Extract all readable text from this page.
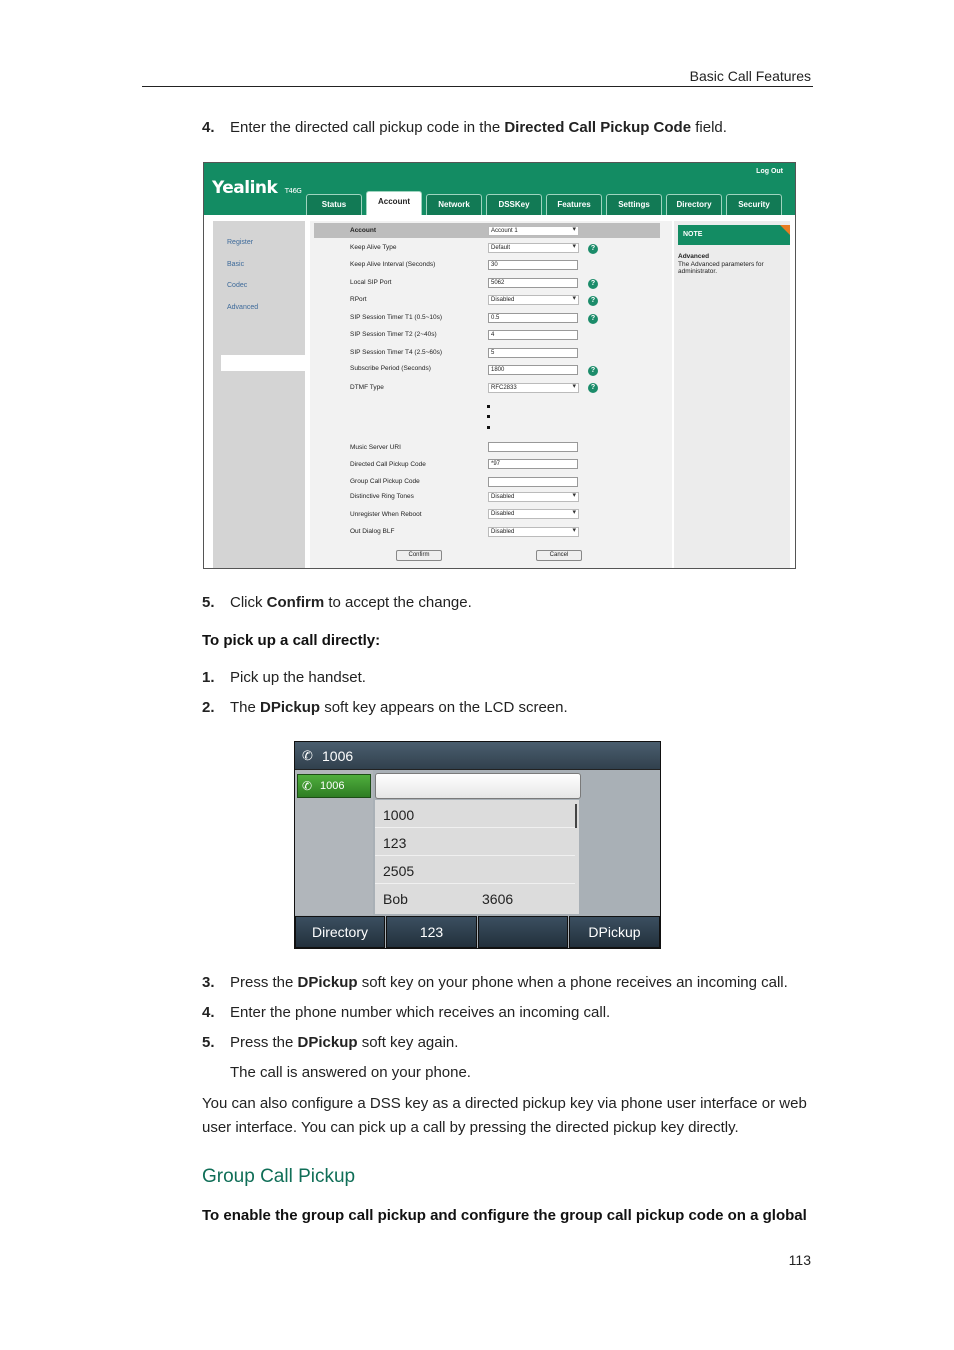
Basic Call Features
4. Enter the directed call pickup code in the Directed Call Pickup Code field.
Yealink T46G
Log Out
Status	Account	Network	DSSKey	Features	Settings	Directory	Security
Register
Basic
Codec
Advanced
Account	Account 1 ▾
Keep Alive Type	Default ▾	?
Keep Alive Interval (Seconds)	30
Local SIP Port	5062	?
RPort	Disabled ▾	?
SIP Session Timer T1 (0.5~10s)	0.5	?
SIP Session Timer T2 (2~40s)	4
SIP Session Timer T4 (2.5~60s)	5
Subscribe Period (Seconds)	1800	?
DTMF Type	RFC2833 ▾	?
Music Server URI
Directed Call Pickup Code	*97
Group Call Pickup Code
Distinctive Ring Tones	Disabled ▾
Unregister When Reboot	Disabled ▾
Out Dialog BLF	Disabled ▾
Confirm	Cancel
NOTE
Advanced
The Advanced parameters for administrator.
5. Click Confirm to accept the change.
To pick up a call directly:
1. Pick up the handset.
2. The DPickup soft key appears on the LCD screen.
✆ 1006
✆ 1006
1000
123
2505
Bob	3606
Directory	123	DPickup
3. Press the DPickup soft key on your phone when a phone receives an incoming call.
4. Enter the phone number which receives an incoming call.
5. Press the DPickup soft key again.
The call is answered on your phone.
You can also configure a DSS key as a directed pickup key via phone user interface or web user interface. You can pick up a call by pressing the directed pickup key directly.
Group Call Pickup
To enable the group call pickup and configure the group call pickup code on a global
113
